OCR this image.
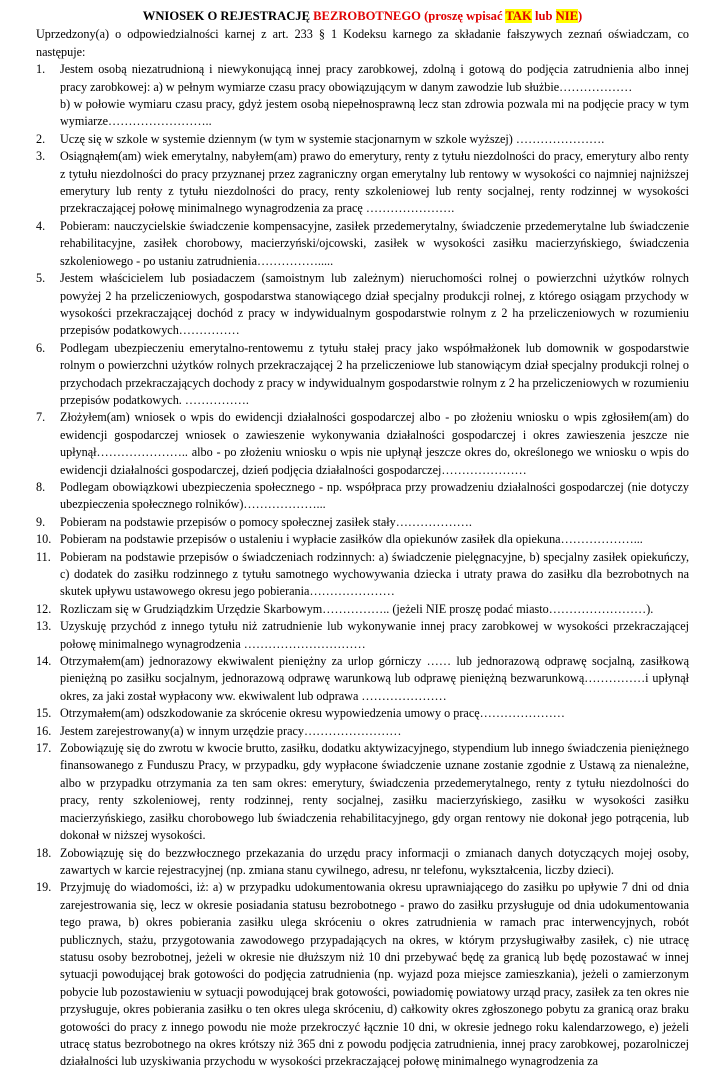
WNIOSEK O REJESTRACJĘ BEZROBOTNEGO (proszę wpisać TAK lub NIE)

Uprzedzony(a) o odpowiedzialności karnej z art. 233 § 1 Kodeksu karnego za składanie fałszywych zeznań oświadczam, co następuje:

1. Jestem osobą niezatrudnioną i niewykonującą innej pracy zarobkowej, zdolną i gotową do podjęcia zatrudnienia albo innej pracy zarobkowej: a) w pełnym wymiarze czasu pracy obowiązującym w danym zawodzie lub służbie………………
b) w połowie wymiaru czasu pracy, gdyż jestem osobą niepełnosprawną lecz stan zdrowia pozwala mi na podjęcie pracy w tym wymiarze……………………..
2. Uczę się w szkole w systemie dziennym (w tym w systemie stacjonarnym w szkole wyższej) ………………….
3. Osiągnąłem(am) wiek emerytalny, nabyłem(am) prawo do emerytury, renty z tytułu niezdolności do pracy, emerytury albo renty z tytułu niezdolności do pracy przyznanej przez zagraniczny organ emerytalny lub rentowy w wysokości co najmniej najniższej emerytury lub renty z tytułu niezdolności do pracy, renty szkoleniowej lub renty socjalnej, renty rodzinnej w wysokości przekraczającej połowę minimalnego wynagrodzenia za pracę ………………….
4. Pobieram: nauczycielskie świadczenie kompensacyjne, zasiłek przedemerytalny, świadczenie przedemerytalne lub świadczenie rehabilitacyjne, zasiłek chorobowy, macierzyński/ojcowski, zasiłek w wysokości zasiłku macierzyńskiego, świadczenia szkoleniowego - po ustaniu zatrudnienia…………….....
5. Jestem właścicielem lub posiadaczem (samoistnym lub zależnym) nieruchomości rolnej o powierzchni użytków rolnych powyżej 2 ha przeliczeniowych, gospodarstwa stanowiącego dział specjalny produkcji rolnej, z którego osiągam przychody w wysokości przekraczającej dochód z pracy w indywidualnym gospodarstwie rolnym z 2 ha przeliczeniowych w rozumieniu przepisów podatkowych……………
6. Podlegam ubezpieczeniu emerytalno-rentowemu z tytułu stałej pracy jako współmałżonek lub domownik w gospodarstwie rolnym o powierzchni użytków rolnych przekraczającej 2 ha przeliczeniowe lub stanowiącym dział specjalny produkcji rolnej o przychodach przekraczających dochody z pracy w indywidualnym gospodarstwie rolnym z 2 ha przeliczeniowych w rozumieniu przepisów podatkowych. …………….
7. Złożyłem(am) wniosek o wpis do ewidencji działalności gospodarczej albo - po złożeniu wniosku o wpis zgłosiłem(am) do ewidencji gospodarczej wniosek o zawieszenie wykonywania działalności gospodarczej i okres zawieszenia jeszcze nie upłynął………………….. albo - po złożeniu wniosku o wpis nie upłynął jeszcze okres do, określonego we wniosku o wpis do ewidencji działalności gospodarczej, dzień podjęcia działalności gospodarczej…………………
8. Podlegam obowiązkowi ubezpieczenia społecznego - np. współpraca przy prowadzeniu działalności gospodarczej (nie dotyczy ubezpieczenia społecznego rolników)………………...
9. Pobieram na podstawie przepisów o pomocy społecznej zasiłek stały……………….
10. Pobieram na podstawie przepisów o ustaleniu i wypłacie zasiłków dla opiekunów zasiłek dla opiekuna………………...
11. Pobieram na podstawie przepisów o świadczeniach rodzinnych: a) świadczenie pielęgnacyjne, b) specjalny zasiłek opiekuńczy, c) dodatek do zasiłku rodzinnego z tytułu samotnego wychowywania dziecka i utraty prawa do zasiłku dla bezrobotnych na skutek upływu ustawowego okresu jego pobierania…………………
12. Rozliczam się w Grudziądzkim Urzędzie Skarbowym…………….. (jeżeli NIE proszę podać miasto……………………).
13. Uzyskuję przychód z innego tytułu niż zatrudnienie lub wykonywanie innej pracy zarobkowej w wysokości przekraczającej połowę minimalnego wynagrodzenia …………………………
14. Otrzymałem(am) jednorazowy ekwiwalent pieniężny za urlop górniczy …… lub jednorazową odprawę socjalną, zasiłkową pieniężną po zasiłku socjalnym, jednorazową odprawę warunkową lub odprawę pieniężną bezwarunkową……………i upłynął okres, za jaki został wypłacony ww. ekwiwalent lub odprawa …………………
15. Otrzymałem(am) odszkodowanie za skrócenie okresu wypowiedzenia umowy o pracę…………………
16. Jestem zarejestrowany(a) w innym urzędzie pracy……………………
17. Zobowiązuję się do zwrotu w kwocie brutto, zasiłku, dodatku aktywizacyjnego, stypendium lub innego świadczenia pieniężnego finansowanego z Funduszu Pracy, w przypadku, gdy wypłacone świadczenie uznane zostanie zgodnie z Ustawą za nienależne, albo w przypadku otrzymania za ten sam okres: emerytury, świadczenia przedemerytalnego, renty z tytułu niezdolności do pracy, renty szkoleniowej, renty rodzinnej, renty socjalnej, zasiłku macierzyńskiego, zasiłku w wysokości zasiłku macierzyńskiego, zasiłku chorobowego lub świadczenia rehabilitacyjnego, gdy organ rentowy nie dokonał jego potrącenia, lub dokonał w niższej wysokości.
18. Zobowiązuję się do bezzwłocznego przekazania do urzędu pracy informacji o zmianach danych dotyczących mojej osoby, zawartych w karcie rejestracyjnej (np. zmiana stanu cywilnego, adresu, nr telefonu, wykształcenia, liczby dzieci).
19. Przyjmuję do wiadomości, iż: a) w przypadku udokumentowania okresu uprawniającego do zasiłku po upływie 7 dni od dnia zarejestrowania się, lecz w okresie posiadania statusu bezrobotnego - prawo do zasiłku przysługuje od dnia udokumentowania tego prawa, b) okres pobierania zasiłku ulega skróceniu o okres zatrudnienia w ramach prac interwencyjnych, robót publicznych, stażu, przygotowania zawodowego przypadających na okres, w którym przysługiwałby zasiłek, c) nie utracę statusu osoby bezrobotnej, jeżeli w okresie nie dłuższym niż 10 dni przebywać będę za granicą lub będę pozostawać w innej sytuacji powodującej brak gotowości do podjęcia zatrudnienia (np. wyjazd poza miejsce zamieszkania), jeżeli o zamierzonym pobycie lub pozostawieniu w sytuacji powodującej brak gotowości, powiadomię powiatowy urząd pracy, zasiłek za ten okres nie przysługuje, okres pobierania zasiłku o ten okres ulega skróceniu, d) całkowity okres zgłoszonego pobytu za granicą oraz braku gotowości do pracy z innego powodu nie może przekroczyć łącznie 10 dni, w okresie jednego roku kalendarzowego, e) jeżeli utracę status bezrobotnego na okres krótszy niż 365 dni z powodu podjęcia zatrudnienia, innej pracy zarobkowej, pozarolniczej działalności lub uzyskiwania przychodu w wysokości przekraczającej połowę minimalnego wynagrodzenia za
